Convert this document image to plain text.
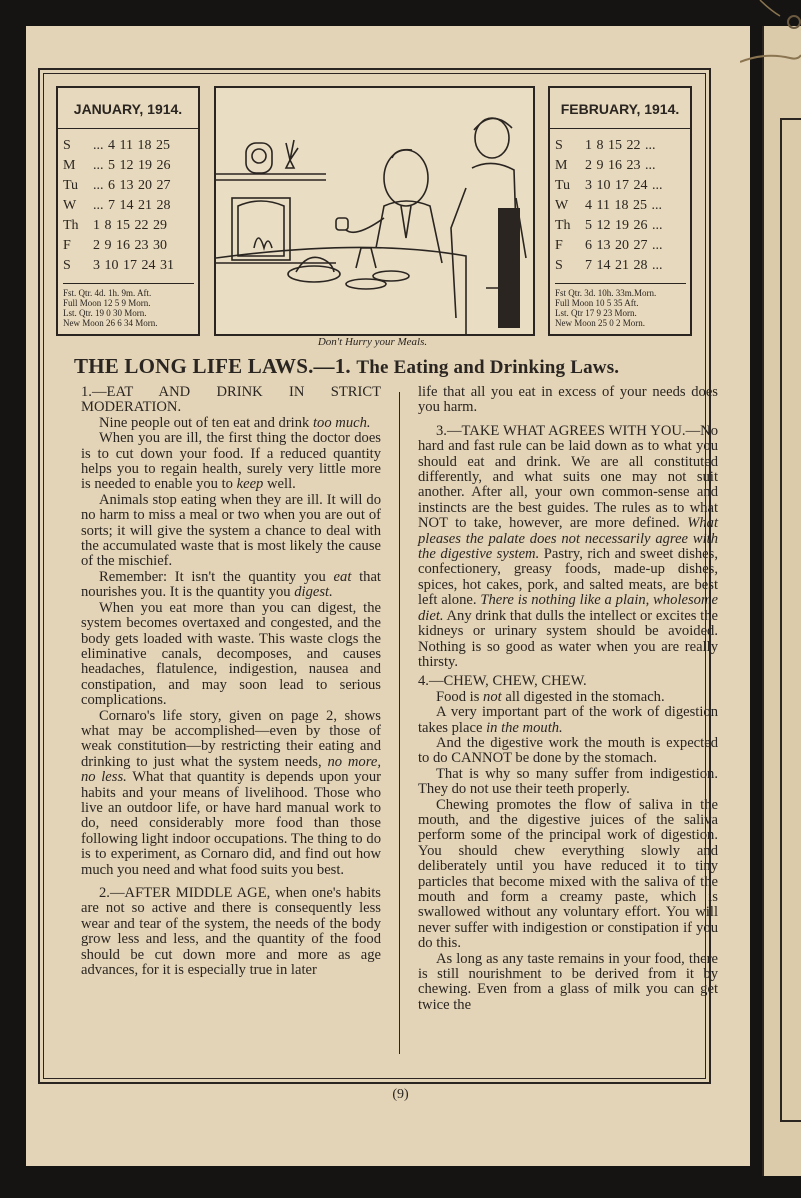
JANUARY, 1914.
S	... 4 11 18 25
M	... 5 12 19 26
Tu	... 6 13 20 27
W	... 7 14 21 28
Th	1 8 15 22 29
F	2 9 16 23 30
S	3 10 17 24 31
Fst. Qtr. 4d. 1h. 9m. Aft.
Full Moon 12 5 9 Morn.
Lst. Qtr. 19 0 30 Morn.
New Moon 26 6 34 Morn.
Don't Hurry your Meals.
FEBRUARY, 1914.
S	1 8 15 22 ...
M	2 9 16 23 ...
Tu	3 10 17 24 ...
W	4 11 18 25 ...
Th	5 12 19 26 ...
F	6 13 20 27 ...
S	7 14 21 28 ...
Fst Qtr. 3d. 10h. 33m.Morn.
Full Moon 10 5 35 Aft.
Lst. Qtr 17 9 23 Morn.
New Moon 25 0 2 Morn.
THE LONG LIFE LAWS.—1. The Eating and Drinking Laws.

1.—EAT AND DRINK IN STRICT MODERATION.

Nine people out of ten eat and drink too much.

When you are ill, the first thing the doctor does is to cut down your food. If a reduced quantity helps you to regain health, surely very little more is needed to enable you to keep well.

Animals stop eating when they are ill. It will do no harm to miss a meal or two when you are out of sorts; it will give the system a chance to deal with the accumulated waste that is most likely the cause of the mischief.

Remember: It isn't the quantity you eat that nourishes you. It is the quantity you digest.

When you eat more than you can digest, the system becomes overtaxed and congested, and the body gets loaded with waste. This waste clogs the eliminative canals, decomposes, and causes headaches, flatulence, indigestion, nausea and constipation, and may soon lead to serious complications.

Cornaro's life story, given on page 2, shows what may be accomplished—even by those of weak constitution—by restricting their eating and drinking to just what the system needs, no more, no less. What that quantity is depends upon your habits and your means of livelihood. Those who live an outdoor life, or have hard manual work to do, need considerably more food than those following light indoor occupations. The thing to do is to experiment, as Cornaro did, and find out how much you need and what food suits you best.

2.—AFTER MIDDLE AGE, when one's habits are not so active and there is consequently less wear and tear of the system, the needs of the body grow less and less, and the quantity of the food should be cut down more and more as age advances, for it is especially true in later

life that all you eat in excess of your needs does you harm.

3.—TAKE WHAT AGREES WITH YOU.—No hard and fast rule can be laid down as to what you should eat and drink. We are all constituted differently, and what suits one may not suit another. After all, your own common-sense and instincts are the best guides. The rules as to what NOT to take, however, are more defined. What pleases the palate does not necessarily agree with the digestive system. Pastry, rich and sweet dishes, confectionery, greasy foods, made-up dishes, spices, hot cakes, pork, and salted meats, are best left alone. There is nothing like a plain, wholesome diet. Any drink that dulls the intellect or excites the kidneys or urinary system should be avoided. Nothing is so good as water when you are really thirsty.

4.—CHEW, CHEW, CHEW.

Food is not all digested in the stomach.

A very important part of the work of digestion takes place in the mouth.

And the digestive work the mouth is expected to do CANNOT be done by the stomach.

That is why so many suffer from indigestion. They do not use their teeth properly.

Chewing promotes the flow of saliva in the mouth, and the digestive juices of the saliva perform some of the principal work of digestion. You should chew everything slowly and deliberately until you have reduced it to tiny particles that become mixed with the saliva of the mouth and form a creamy paste, which is swallowed without any voluntary effort. You will never suffer with indigestion or constipation if you do this.

As long as any taste remains in your food, there is still nourishment to be derived from it by chewing. Even from a glass of milk you can get twice the

(9)
